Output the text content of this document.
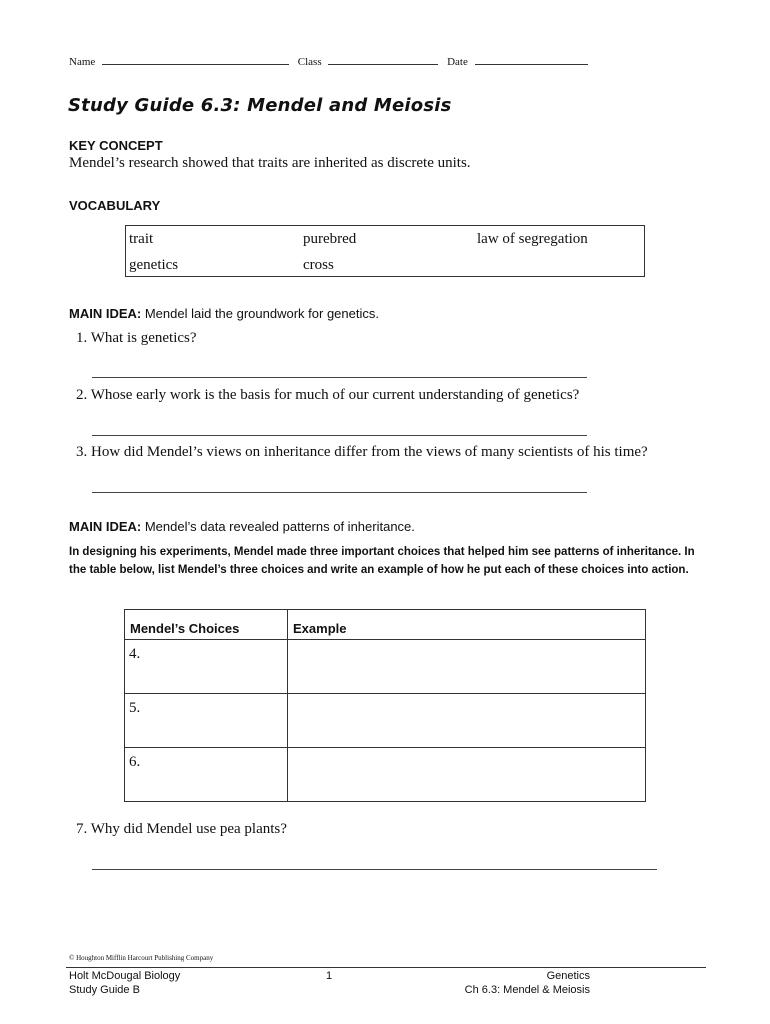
Name	Class	Date
Study Guide 6.3: Mendel and Meiosis
KEY CONCEPT
Mendel’s research showed that traits are inherited as discrete units.
VOCABULARY
trait	purebred	law of segregation
genetics	cross
MAIN IDEA: Mendel laid the groundwork for genetics.
1. What is genetics?
2. Whose early work is the basis for much of our current understanding of genetics?
3. How did Mendel’s views on inheritance differ from the views of many scientists of his time?
MAIN IDEA: Mendel’s data revealed patterns of inheritance.
In designing his experiments, Mendel made three important choices that helped him see patterns of inheritance. In the table below, list Mendel’s three choices and write an example of how he put each of these choices into action.
Mendel’s Choices	Example

4.	

5.	

6.	

7. Why did Mendel use pea plants?
© Houghton Mifflin Harcourt Publishing Company
Holt McDougal Biology
Study Guide B
1	Genetics
Ch 6.3: Mendel & Meiosis
